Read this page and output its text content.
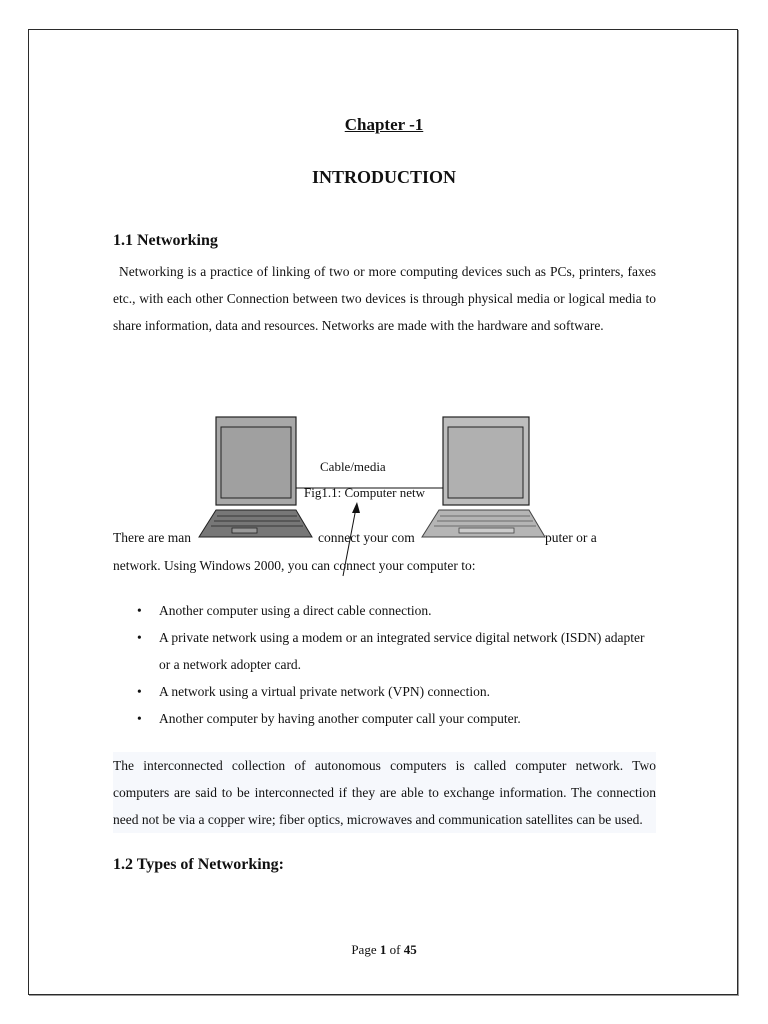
Chapter -1
INTRODUCTION
1.1 Networking

Networking is a practice of linking of two or more computing devices such as PCs, printers, faxes etc., with each other Connection between two devices is through physical media or logical media to share information, data and resources. Networks are made with the hardware and software.

Cable/media
Fig1.1: Computer netw
There are man	connect your com	puter or a
network. Using Windows 2000, you can connect your computer to:
• Another computer using a direct cable connection.
• A private network using a modem or an integrated service digital network (ISDN) adapter or a network adopter card.
• A network using a virtual private network (VPN) connection.
• Another computer by having another computer call your computer.

The interconnected collection of autonomous computers is called computer network. Two computers are said to be interconnected if they are able to exchange information. The connection need not be via a copper wire; fiber optics, microwaves and communication satellites can be used.

1.2 Types of Networking:
Page 1 of 45
